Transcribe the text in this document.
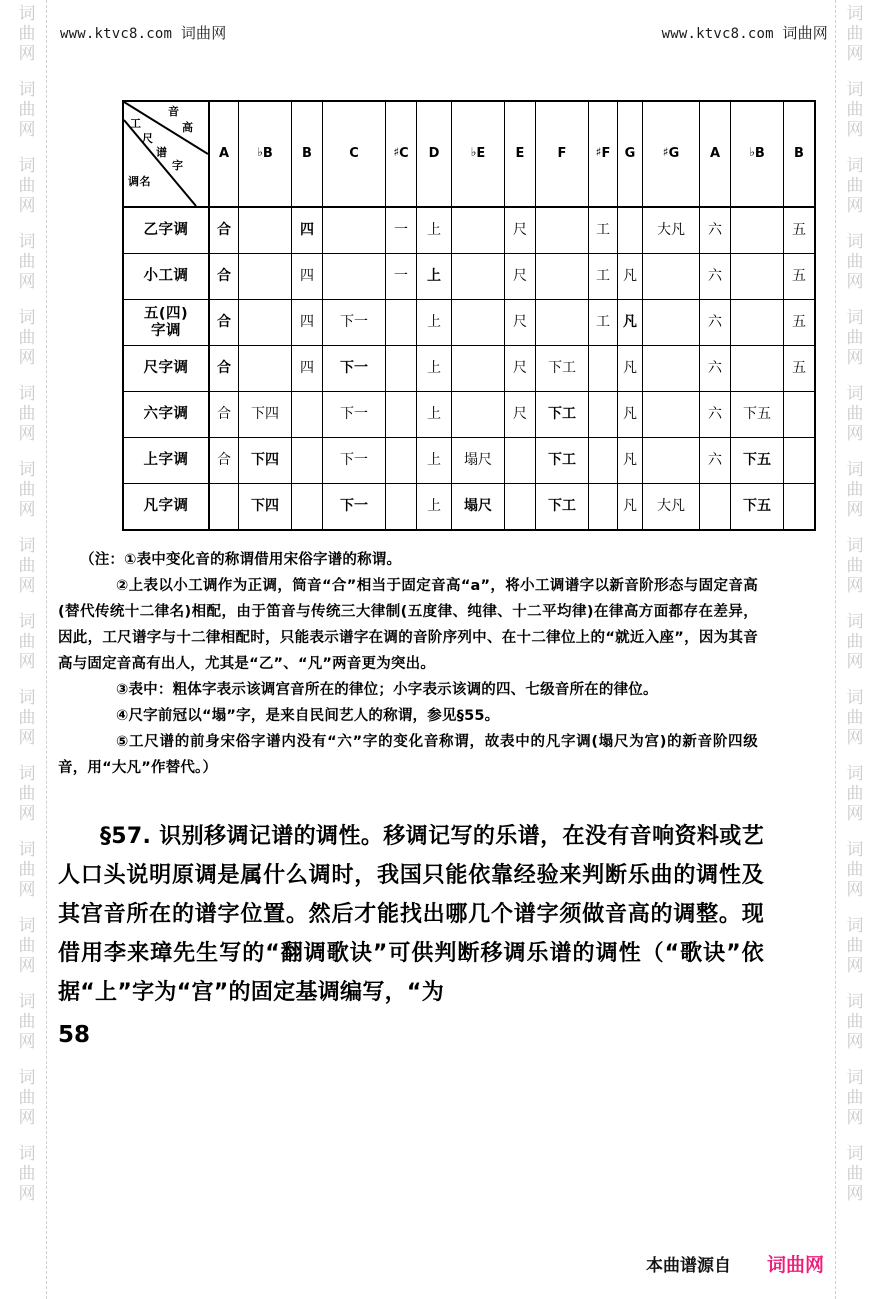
词
曲
网
词
曲
网
词
曲
网
词
曲
网
词
曲
网
词
曲
网
词
曲
网
词
曲
网
词
曲
网
词
曲
网
词
曲
网
词
曲
网
词
曲
网
词
曲
网
词
曲
网
词
曲
网
词
曲
网
词
曲
网
词
曲
网
词
曲
网
词
曲
网
词
曲
网
词
曲
网
词
曲
网
词
曲
网
词
曲
网
词
曲
网
词
曲
网
词
曲
网
词
曲
网
词
曲
网
词
曲
网
www.ktvc8.com 词曲网	www.ktvc8.com 词曲网
音
高
工
尺
谱
字
调名
	A	♭B	B	C	♯C	D	♭E	E	F	♯F	G	♯G	A	♭B	B

乙字调	合		四		一	上		尺		工		大凡	六		五

小工调	合		四		一	上		尺		工	凡		六		五

五(四)
字调	合		四	下一		上		尺		工	凡		六		五

尺字调	合		四	下一		上		尺	下工		凡		六		五

六字调	合	下四		下一		上		尺	下工		凡		六	下五	

上字调	合	下四		下一		上	塌尺		下工		凡		六	下五	

凡字调		下四		下一		上	塌尺		下工		凡	大凡		下五	

（注：①表中变化音的称谓借用宋俗字谱的称谓。

②上表以小工调作为正调，筒音“合”相当于固定音高“a”，将小工调谱字以新音阶形态与固定音高(替代传统十二律名)相配，由于笛音与传统三大律制(五度律、纯律、十二平均律)在律高方面都存在差异，因此，工尺谱字与十二律相配时，只能表示谱字在调的音阶序列中、在十二律位上的“就近入座”，因为其音高与固定音高有出人，尤其是“乙”、“凡”两音更为突出。

③表中：粗体字表示该调宫音所在的律位；小字表示该调的四、七级音所在的律位。

④尺字前冠以“塌”字，是来自民间艺人的称谓，参见§55。

⑤工尺谱的前身宋俗字谱内没有“六”字的变化音称谓，故表中的凡字调(塌尺为宫)的新音阶四级音，用“大凡”作替代。）

§57. 识别移调记谱的调性。移调记写的乐谱，在没有音响资料或艺人口头说明原调是属什么调时，我国只能依靠经验来判断乐曲的调性及其宫音所在的谱字位置。然后才能找出哪几个谱字须做音高的调整。现借用李来璋先生写的“翻调歌诀”可供判断移调乐谱的调性（“歌诀”依据“上”字为“宫”的固定基调编写，“为
58
本曲谱源自 词曲网
